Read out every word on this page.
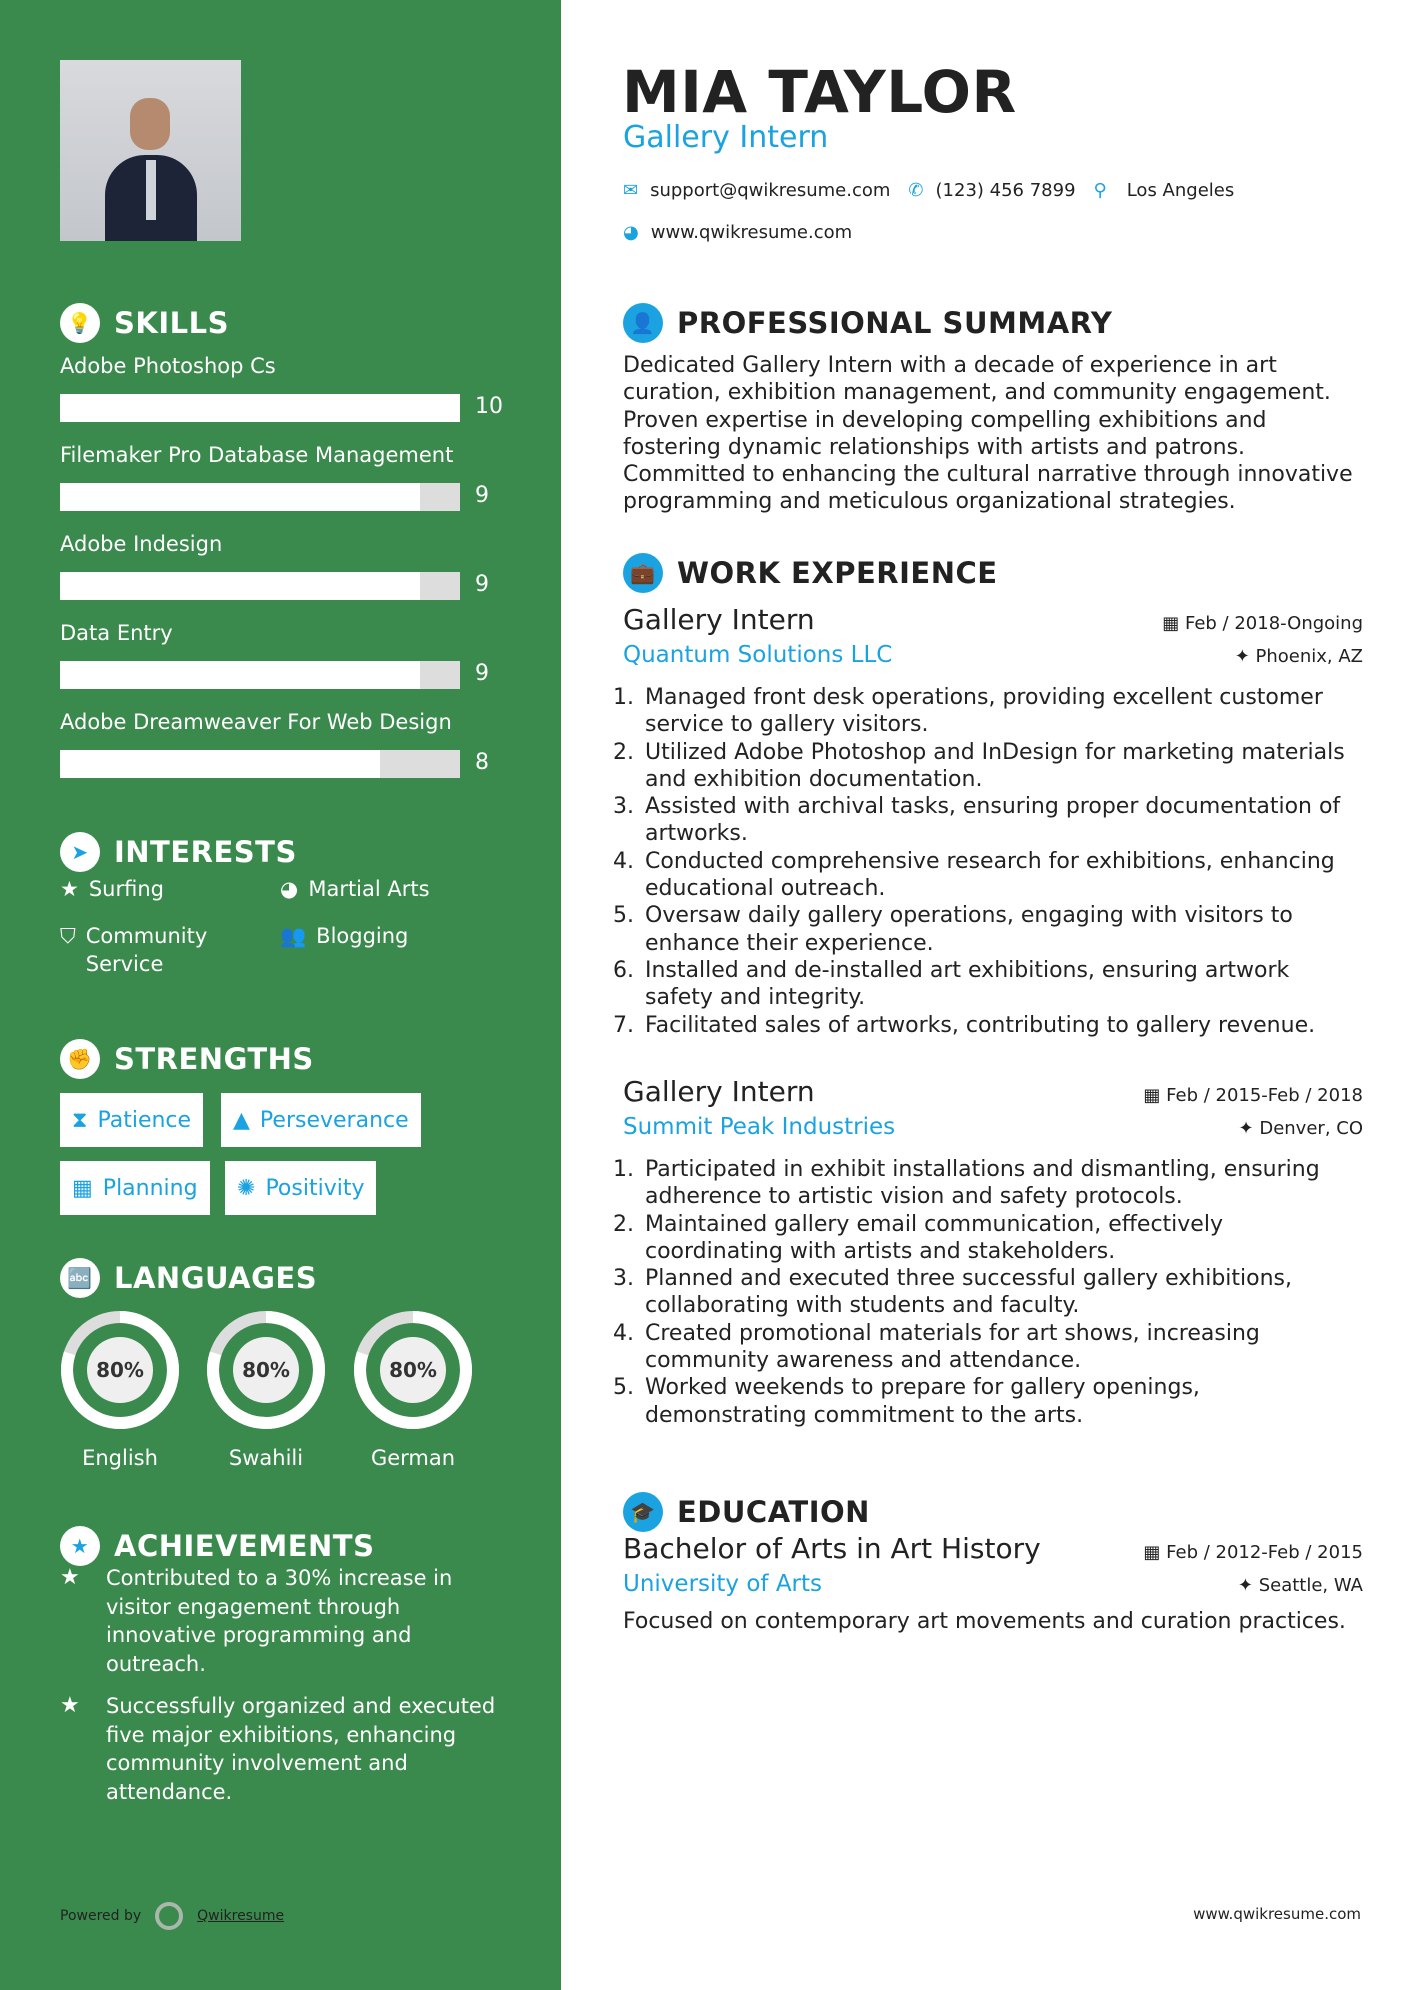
💡 SKILLS
Adobe Photoshop Cs
10
Filemaker Pro Database Management
9
Adobe Indesign
9
Data Entry
9
Adobe Dreamweaver For Web Design
8
➤ INTERESTS
★ Surfing	◕ Martial Arts
⛉ Community Service
👥 Blogging
✊ STRENGTHS
⧗ Patience ▲ Perseverance
▦ Planning ✺ Positivity
🔤 LANGUAGES
80%
English
80%
Swahili
80%
German
★ ACHIEVEMENTS
★	Contributed to a 30% increase in visitor engagement through innovative programming and outreach.
★	Successfully organized and executed five major exhibitions, enhancing community involvement and attendance.
Powered by	Qwikresume
MIA TAYLOR
Gallery Intern
✉ support@qwikresume.com ✆ (123) 456 7899 ⚲ Los Angeles
◕ www.qwikresume.com
👤 PROFESSIONAL SUMMARY
Dedicated Gallery Intern with a decade of experience in art curation, exhibition management, and community engagement. Proven expertise in developing compelling exhibitions and fostering dynamic relationships with artists and patrons. Committed to enhancing the cultural narrative through innovative programming and meticulous organizational strategies.
💼 WORK EXPERIENCE
Gallery Intern	▦ Feb / 2018-Ongoing
Quantum Solutions LLC	✦ Phoenix, AZ
1. Managed front desk operations, providing excellent customer service to gallery visitors.
2. Utilized Adobe Photoshop and InDesign for marketing materials and exhibition documentation.
3. Assisted with archival tasks, ensuring proper documentation of artworks.
4. Conducted comprehensive research for exhibitions, enhancing educational outreach.
5. Oversaw daily gallery operations, engaging with visitors to enhance their experience.
6. Installed and de-installed art exhibitions, ensuring artwork safety and integrity.
7. Facilitated sales of artworks, contributing to gallery revenue.
Gallery Intern	▦ Feb / 2015-Feb / 2018
Summit Peak Industries	✦ Denver, CO
1. Participated in exhibit installations and dismantling, ensuring adherence to artistic vision and safety protocols.
2. Maintained gallery email communication, effectively coordinating with artists and stakeholders.
3. Planned and executed three successful gallery exhibitions, collaborating with students and faculty.
4. Created promotional materials for art shows, increasing community awareness and attendance.
5. Worked weekends to prepare for gallery openings, demonstrating commitment to the arts.
🎓 EDUCATION
Bachelor of Arts in Art History	▦ Feb / 2012-Feb / 2015
University of Arts	✦ Seattle, WA
Focused on contemporary art movements and curation practices.
www.qwikresume.com
